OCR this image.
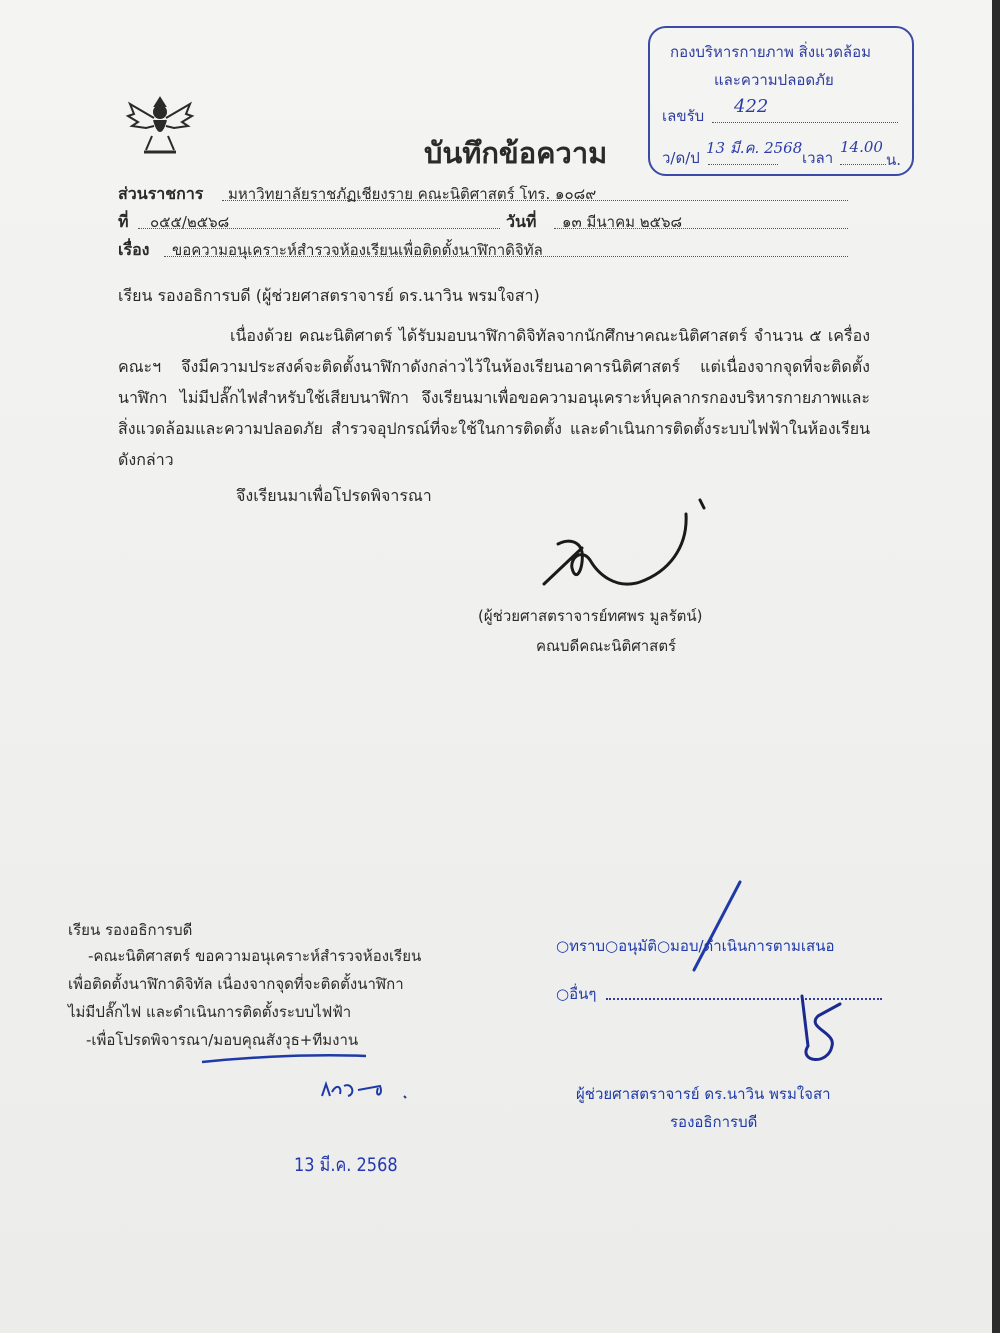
บันทึกข้อความ
กองบริหารกายภาพ สิ่งแวดล้อม
และความปลอดภัย
เลขรับ 422
ว/ด/ป
13 มี.ค. 2568
เวลา
14.00
น.
ส่วนราชการ มหาวิทยาลัยราชภัฏเชียงราย คณะนิติศาสตร์ โทร. ๑๐๘๙
ที่ ๐๕๕/๒๕๖๘	วันที่ ๑๓ มีนาคม ๒๕๖๘
เรื่อง ขอความอนุเคราะห์สำรวจห้องเรียนเพื่อติดตั้งนาฬิกาดิจิทัล
เรียน รองอธิการบดี (ผู้ช่วยศาสตราจารย์ ดร.นาวิน พรมใจสา)
เนื่องด้วย คณะนิติศาตร์ ได้รับมอบนาฬิกาดิจิทัลจากนักศึกษาคณะนิติศาสตร์ จำนวน ๕ เครื่อง คณะฯ จึงมีความประสงค์จะติดตั้งนาฬิกาดังกล่าวไว้ในห้องเรียนอาคารนิติศาสตร์ แต่เนื่องจากจุดที่จะติดตั้งนาฬิกา ไม่มีปลั๊กไฟสำหรับใช้เสียบนาฬิกา จึงเรียนมาเพื่อขอความอนุเคราะห์บุคลากรกองบริหารกายภาพและสิ่งแวดล้อมและความปลอดภัย สำรวจอุปกรณ์ที่จะใช้ในการติดตั้ง และดำเนินการติดตั้งระบบไฟฟ้าในห้องเรียนดังกล่าว
จึงเรียนมาเพื่อโปรดพิจารณา
(ผู้ช่วยศาสตราจารย์ทศพร มูลรัตน์)
คณบดีคณะนิติศาสตร์
เรียน รองอธิการบดี
-คณะนิติศาสตร์ ขอความอนุเคราะห์สำรวจห้องเรียน
เพื่อติดตั้งนาฬิกาดิจิทัล เนื่องจากจุดที่จะติดตั้งนาฬิกา
ไม่มีปลั๊กไฟ และดำเนินการติดตั้งระบบไฟฟ้า
-เพื่อโปรดพิจารณา/มอบคุณสังวุธ+ทีมงาน
13 มี.ค. 2568
○ทราบ○อนุมัติ○มอบ/ดำเนินการตามเสนอ
○อื่นๆ
ผู้ช่วยศาสตราจารย์ ดร.นาวิน พรมใจสา
รองอธิการบดี
